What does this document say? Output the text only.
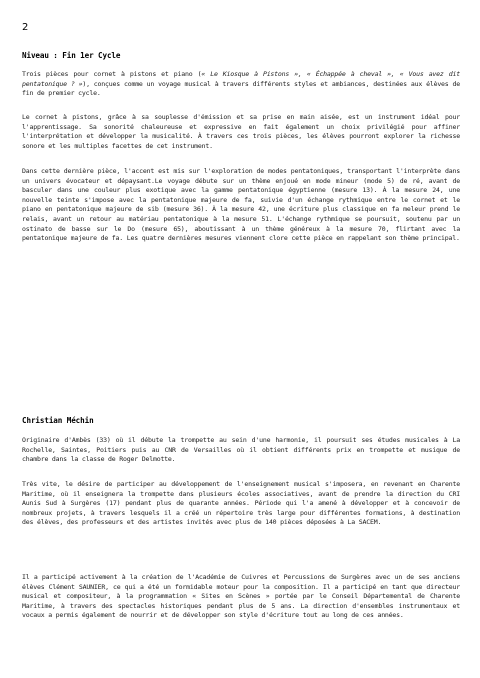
2
Niveau : Fin 1er Cycle

Trois pièces pour cornet à pistons et piano (« Le Kiosque à Pistons », « Échappée à cheval », « Vous avez dit pentatonique ? »), conçues comme un voyage musical à travers différents styles et ambiances, destinées aux élèves de fin de premier cycle.

Le cornet à pistons, grâce à sa souplesse d'émission et sa prise en main aisée, est un instrument idéal pour l'apprentissage. Sa sonorité chaleureuse et expressive en fait également un choix privilégié pour affiner l'interprétation et développer la musicalité. À travers ces trois pièces, les élèves pourront explorer la richesse sonore et les multiples facettes de cet instrument.

Dans cette dernière pièce, l'accent est mis sur l'exploration de modes pentatoniques, transportant l'interprète dans un univers évocateur et dépaysant.Le voyage débute sur un thème enjoué en mode mineur (mode 5) de ré, avant de basculer dans une couleur plus exotique avec la gamme pentatonique égyptienne (mesure 13). À la mesure 24, une nouvelle teinte s'impose avec la pentatonique majeure de fa, suivie d'un échange rythmique entre le cornet et le piano en pentatonique majeure de sib (mesure 36). À la mesure 42, une écriture plus classique en fa meleur prend le relais, avant un retour au matériau pentatonique à la mesure 51. L'échange rythmique se poursuit, soutenu par un ostinato de basse sur le Do (mesure 65), aboutissant à un thème généreux à la mesure 70, flirtant avec la pentatonique majeure de fa. Les quatre dernières mesures viennent clore cette pièce en rappelant son thème principal.

Christian Méchin

Originaire d'Ambès (33) où il débute la trompette au sein d'une harmonie, il poursuit ses études musicales à La Rochelle, Saintes, Poitiers puis au CNR de Versailles où il obtient différents prix en trompette et musique de chambre dans la classe de Roger Delmotte.

Très vite, le désire de participer au développement de l'enseignement musical s'imposera, en revenant en Charente Maritime, où il enseignera la trompette dans plusieurs écoles associatives, avant de prendre la direction du CRI Aunis Sud à Surgères (17) pendant plus de quarante années. Période qui l'a amené à développer et à concevoir de nombreux projets, à travers lesquels il a créé un répertoire très large pour différentes formations, à destination des élèves, des professeurs et des artistes invités avec plus de 140 pièces déposées à La SACEM.

Il a participé activement à la création de l'Académie de Cuivres et Percussions de Surgères avec un de ses anciens élèves Clément SAUNIER, ce qui a été un formidable moteur pour la composition. Il a participé en tant que directeur musical et compositeur, à la programmation « Sites en Scènes » portée par le Conseil Départemental de Charente Maritime, à travers des spectacles historiques pendant plus de 5 ans. La direction d'ensembles instrumentaux et vocaux a permis également de nourrir et de développer son style d'écriture tout au long de ces années.
